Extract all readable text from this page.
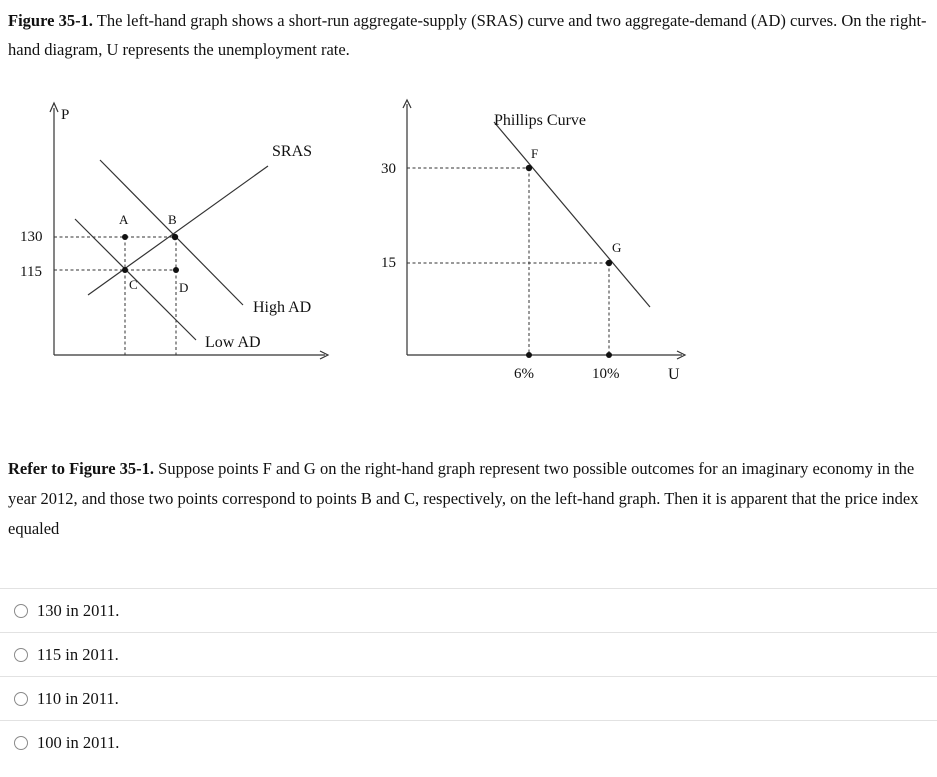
Figure 35-1. The left-hand graph shows a short-run aggregate-supply (SRAS) curve and two aggregate-demand (AD) curves. On the right-hand diagram, U represents the unemployment rate.
P
130
115
SRAS
High AD
Low AD
A	B
C	D
30
15
6%	10%	U
Phillips Curve
F
G
Refer to Figure 35-1. Suppose points F and G on the right-hand graph represent two possible outcomes for an imaginary economy in the year 2012, and those two points correspond to points B and C, respectively, on the left-hand graph. Then it is apparent that the price index equaled
130 in 2011.
115 in 2011.
110 in 2011.
100 in 2011.
